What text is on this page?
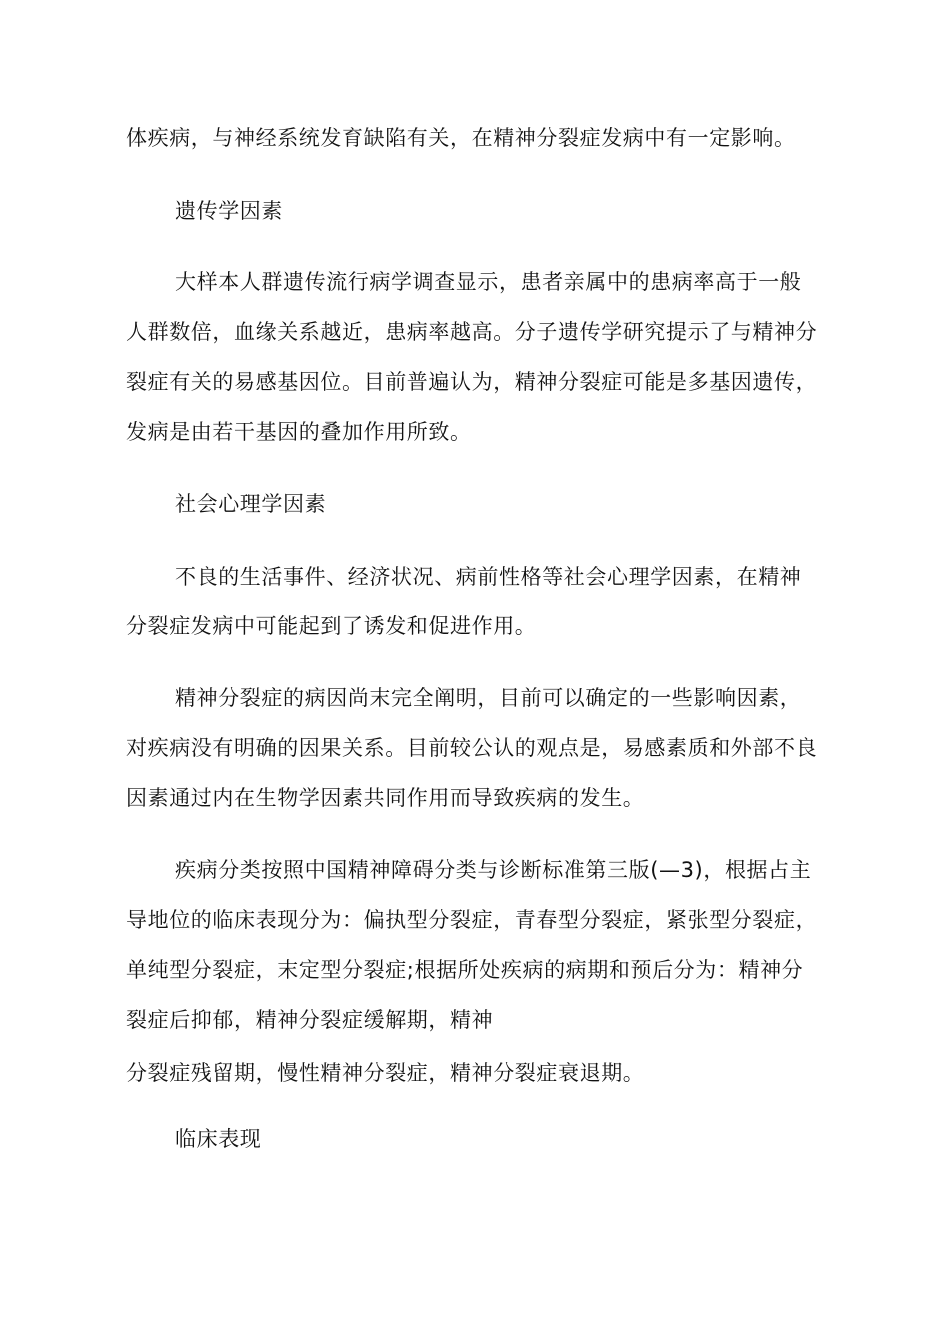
体疾病，与神经系统发育缺陷有关，在精神分裂症发病中有一定影响。
遗传学因素
大样本人群遗传流行病学调查显示，患者亲属中的患病率高于一般
人群数倍，血缘关系越近，患病率越高。分子遗传学研究提示了与精神分
裂症有关的易感基因位。目前普遍认为，精神分裂症可能是多基因遗传，
发病是由若干基因的叠加作用所致。
社会心理学因素
不良的生活事件、经济状况、病前性格等社会心理学因素，在精神
分裂症发病中可能起到了诱发和促进作用。
精神分裂症的病因尚末完全阐明，目前可以确定的一些影响因素，
对疾病没有明确的因果关系。目前较公认的观点是，易感素质和外部不良
因素通过内在生物学因素共同作用而导致疾病的发生。
疾病分类按照中国精神障碍分类与诊断标准第三版(—3)，根据占主
导地位的临床表现分为：偏执型分裂症，青春型分裂症，紧张型分裂症，
单纯型分裂症，末定型分裂症;根据所处疾病的病期和预后分为：精神分
裂症后抑郁，精神分裂症缓解期，精神
分裂症残留期，慢性精神分裂症，精神分裂症衰退期。
临床表现
